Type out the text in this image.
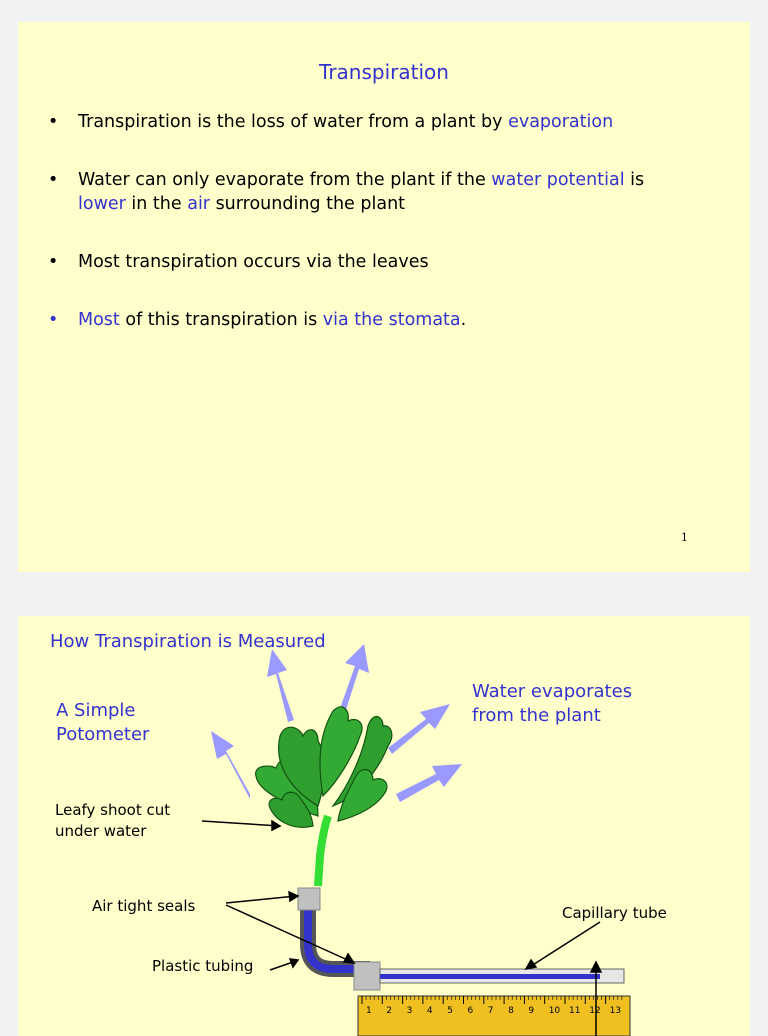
Transpiration
• Transpiration is the loss of water from a plant by evaporation
• Water can only evaporate from the plant if the water potential is
lower in the air surrounding the plant
• Most transpiration occurs via the leaves
• Most of this transpiration is via the stomata.
1
1 2 3 4 5 6 7 8 9 10 11 12 13
How Transpiration is Measured
A Simple
Potometer
Water evaporates
from the plant
Leafy shoot cut
under water
Air tight seals
Plastic tubing
Capillary tube
